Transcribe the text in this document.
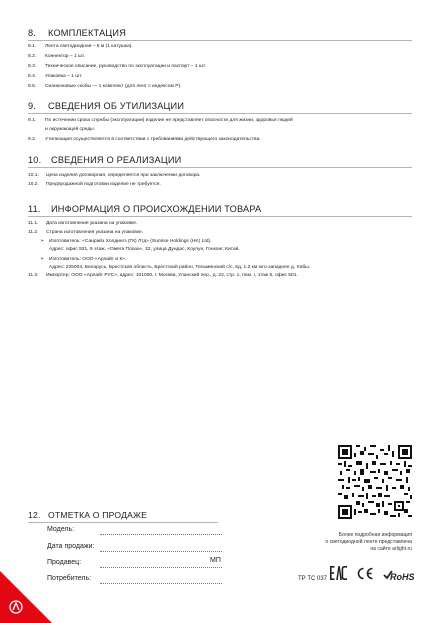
8. КОМПЛЕКТАЦИЯ
8.1. Лента светодиодная – 5 м (1 катушка).
8.2. Коннектор – 1 шт.
8.3. Техническое описание, руководство по эксплуатации и паспорт – 1 шт.
8.4. Упаковка – 1 шт.
8.5. Силиконовые скобы — 1 комплект (для лент с индексом P).
9. СВЕДЕНИЯ ОБ УТИЛИЗАЦИИ
9.1. По истечении срока службы (эксплуатации) изделие не представляет опасности для жизни, здоровья людей
и окружающей среды.
9.2. Утилизация осуществляется в соответствии с требованиями действующего законодательства.
10. СВЕДЕНИЯ О РЕАЛИЗАЦИИ
10.1. Цена изделия договорная, определяется при заключении договора.
10.2. Предпродажной подготовки изделие не требуется.
11. ИНФОРМАЦИЯ О ПРОИСХОЖДЕНИИ ТОВАРА
11.1. Дата изготовления указана на упаковке.
11.2. Страна изготовления указана на упаковке.
➢ Изготовитель: «Санрайз Холдингз (ГК) Лтд» (Sunrise Holdings (HK) Ltd).
Адрес: офис 921, 9 этаж, «Омега Плаза», 32, улица Дундас, Коулун, Гонконг, Китай.
➢ Изготовитель: ООО «Арлайт и К».
Адрес: 225003, Беларусь, Брестская область, Брестский район, Тельминский с/с, 6д, 1.2 км юго-западнее д. Хабы.
11.3. Импортер: ООО «Арлайт РУС», адрес: 101000, г. Москва, Уланский пер., д. 22, стр. 1, пом. I, этаж 5, офис 501.
Более подробная информация
о светодиодной ленте представлена
на сайте arlight.ru
12. ОТМЕТКА О ПРОДАЖЕ
Модель:
Дата продажи:
Продавец:	МП
Потребитель:	ТР ТС 037	RoHS
